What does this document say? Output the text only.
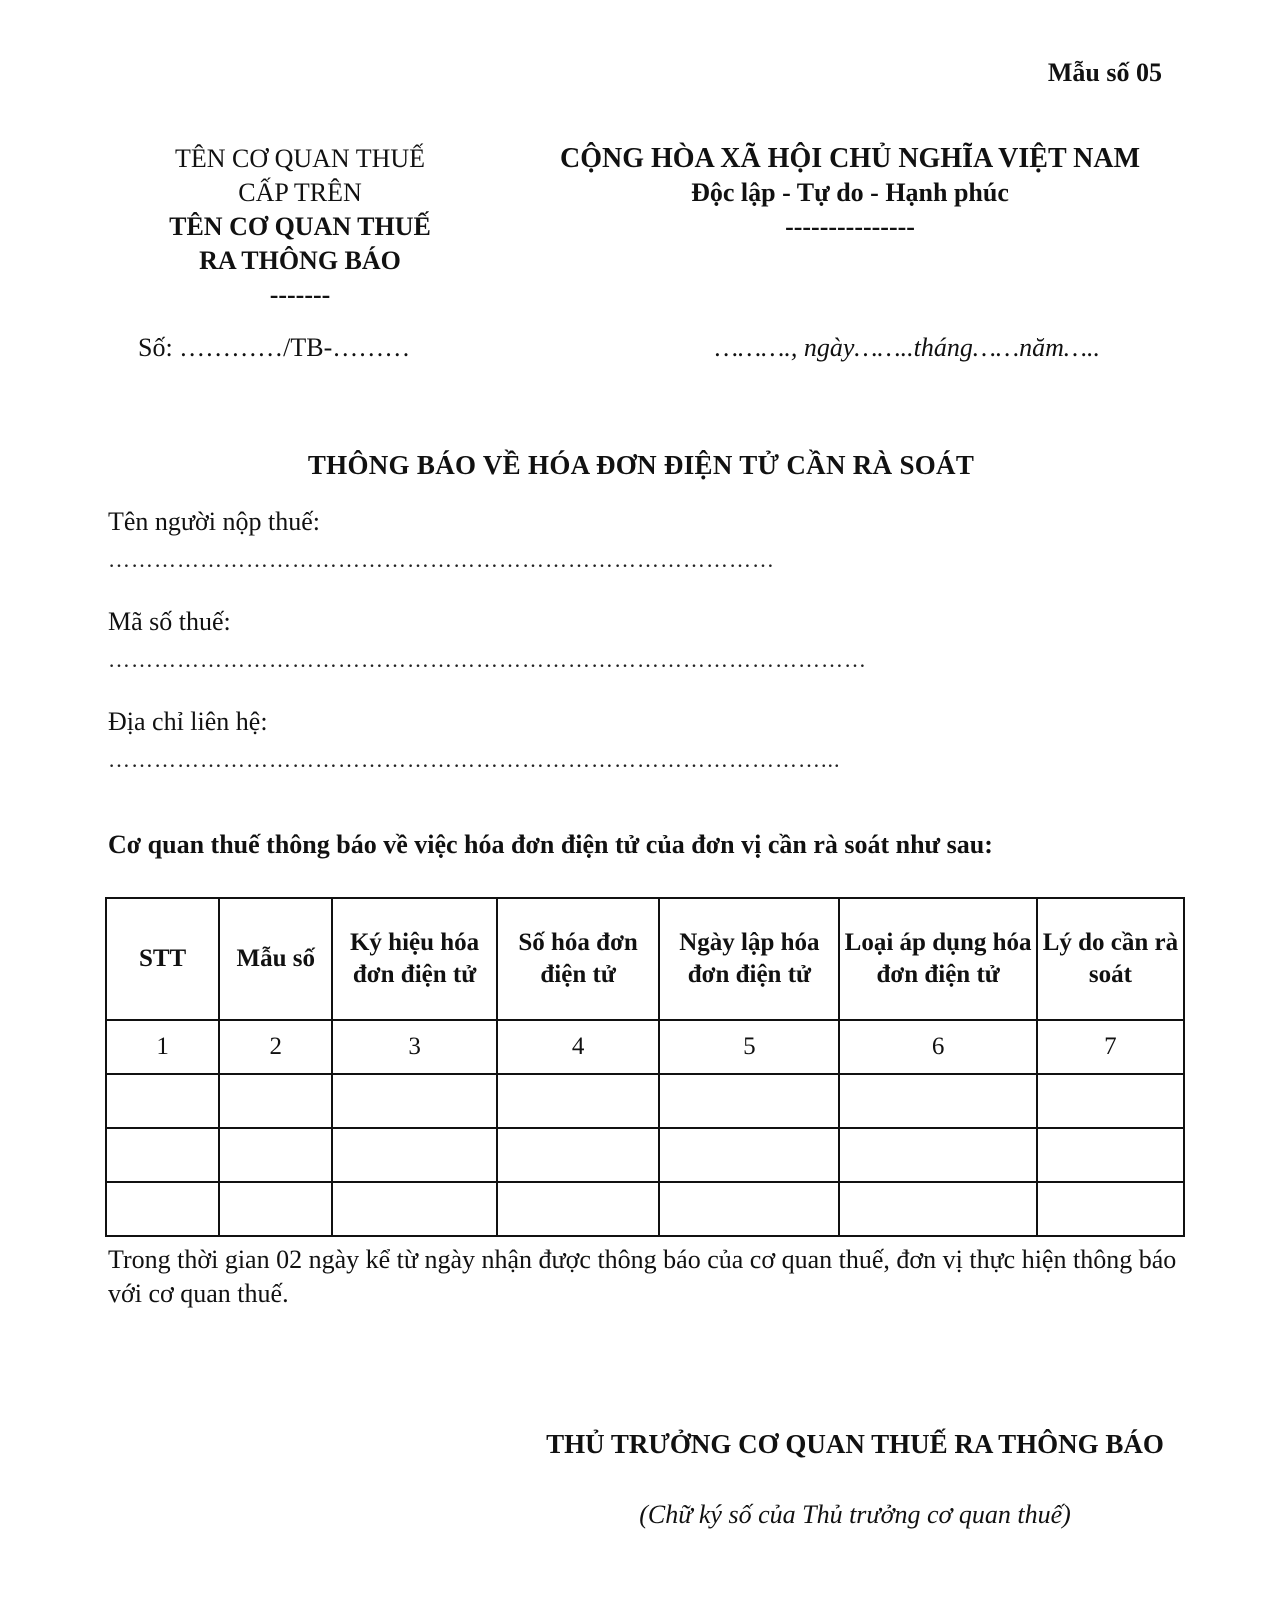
Mẫu số 05
TÊN CƠ QUAN THUẾ
CẤP TRÊN
TÊN CƠ QUAN THUẾ
RA THÔNG BÁO
-------
CỘNG HÒA XÃ HỘI CHỦ NGHĨA VIỆT NAM
Độc lập - Tự do - Hạnh phúc
---------------
Số: …………/TB-………	………., ngày……..tháng……năm…..
THÔNG BÁO VỀ HÓA ĐƠN ĐIỆN TỬ CẦN RÀ SOÁT
Tên người nộp thuế:
……………………………………………………………………………
Mã số thuế:
………………………………………………………………………………………
Địa chỉ liên hệ:
…………………………………………………………………………………...
Cơ quan thuế thông báo về việc hóa đơn điện tử của đơn vị cần rà soát như sau:
STT	Mẫu số	Ký hiệu hóa đơn điện tử	Số hóa đơn điện tử	Ngày lập hóa đơn điện tử	Loại áp dụng hóa đơn điện tử	Lý do cần rà soát
1	2	3	4	5	6	7

Trong thời gian 02 ngày kể từ ngày nhận được thông báo của cơ quan thuế, đơn vị thực hiện thông báo với cơ quan thuế.
THỦ TRƯỞNG CƠ QUAN THUẾ RA THÔNG BÁO
(Chữ ký số của Thủ trưởng cơ quan thuế)
